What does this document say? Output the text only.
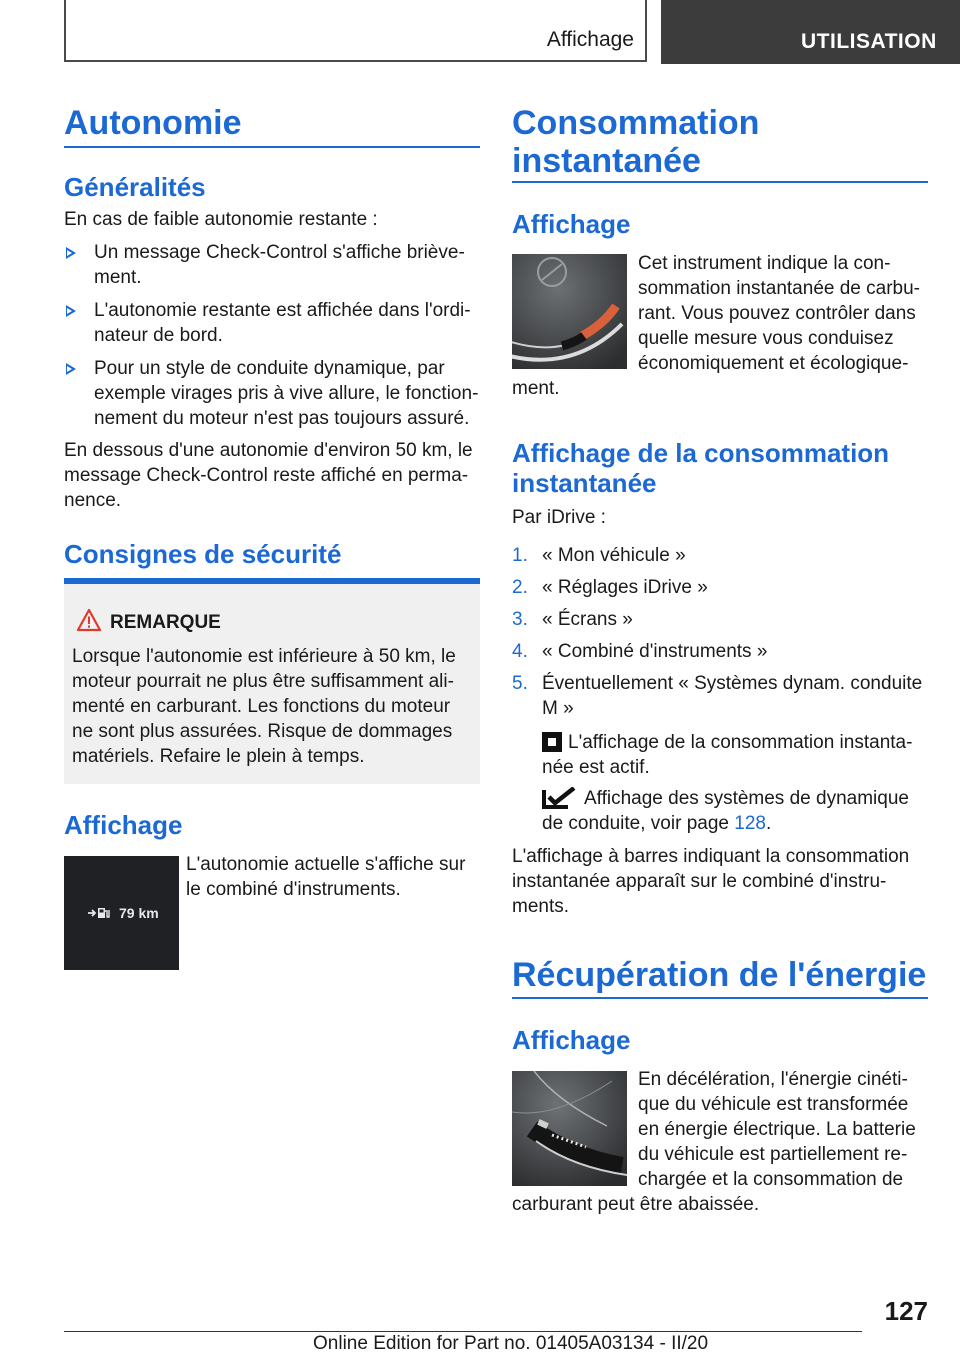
Affichage	UTILISATION
Autonomie
Généralités

En cas de faible autonomie restante :

Un message Check-Control s'affiche briève-ment.
L'autonomie restante est affichée dans l'ordi-nateur de bord.
Pour un style de conduite dynamique, par exemple virages pris à vive allure, le fonction-nement du moteur n'est pas toujours assuré.

En dessous d'une autonomie d'environ 50 km, le message Check-Control reste affiché en perma-nence.

Consignes de sécurité
REMARQUE
Lorsque l'autonomie est inférieure à 50 km, le moteur pourrait ne plus être suffisamment ali-menté en carburant. Les fonctions du moteur ne sont plus assurées. Risque de dommages matériels. Refaire le plein à temps.
Affichage
79 km

L'autonomie actuelle s'affiche sur le combiné d'instruments.

Consommation
instantanée
Affichage

Cet instrument indique la con-sommation instantanée de carbu-rant. Vous pouvez contrôler dans quelle mesure vous conduisez économiquement et écologique-

ment.

Affichage de la consommation
instantanée

Par iDrive :

1. « Mon véhicule »
2. « Réglages iDrive »
3. « Écrans »
4. « Combiné d'instruments »
5. Éventuellement « Systèmes dynam. conduite M »

L'affichage de la consommation instanta-née est actif.

Affichage des systèmes de dynamique de conduite, voir page 128.

L'affichage à barres indiquant la consommation instantanée apparaît sur le combiné d'instru-ments.

Récupération de l'énergie
Affichage

En décélération, l'énergie cinéti-que du véhicule est transformée en énergie électrique. La batterie du véhicule est partiellement re-chargée et la consommation de

carburant peut être abaissée.

127
Online Edition for Part no. 01405A03134 - II/20
